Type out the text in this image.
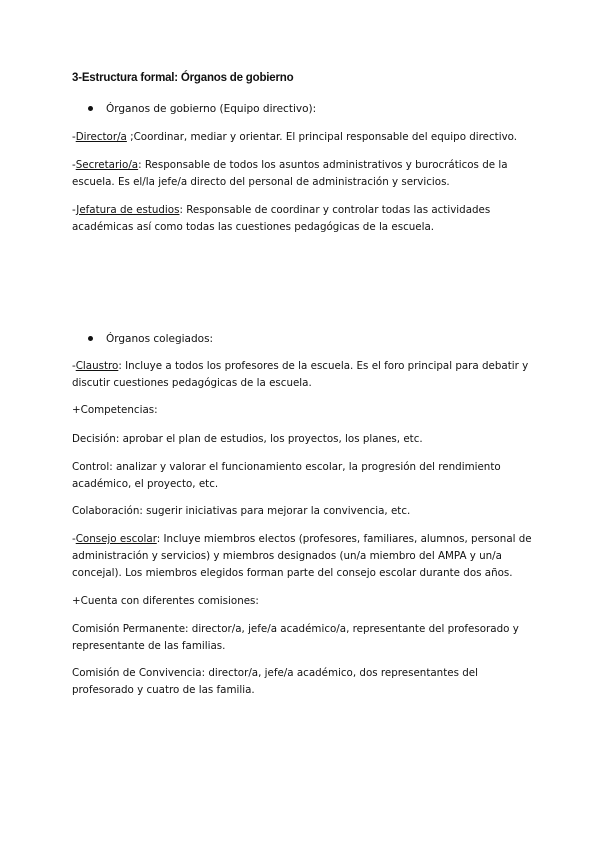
3-Estructura formal: Órganos de gobierno
Órganos de gobierno (Equipo directivo):
-Director/a ;Coordinar, mediar y orientar. El principal responsable del equipo directivo.
-Secretario/a: Responsable de todos los asuntos administrativos y burocráticos de la escuela. Es el/la jefe/a directo del personal de administración y servicios.
-Jefatura de estudios: Responsable de coordinar y controlar todas las actividades académicas así como todas las cuestiones pedagógicas de la escuela.
Órganos colegiados:
-Claustro: Incluye a todos los profesores de la escuela. Es el foro principal para debatir y discutir cuestiones pedagógicas de la escuela.
+Competencias:
Decisión: aprobar el plan de estudios, los proyectos, los planes, etc.
Control: analizar y valorar el funcionamiento escolar, la progresión del rendimiento académico, el proyecto, etc.
Colaboración: sugerir iniciativas para mejorar la convivencia, etc.
-Consejo escolar: Incluye miembros electos (profesores, familiares, alumnos, personal de administración y servicios) y miembros designados (un/a miembro del AMPA y un/a concejal). Los miembros elegidos forman parte del consejo escolar durante dos años.
+Cuenta con diferentes comisiones:
Comisión Permanente: director/a, jefe/a académico/a, representante del profesorado y representante de las familias.
Comisión de Convivencia: director/a, jefe/a académico, dos representantes del profesorado y cuatro de las familia.
